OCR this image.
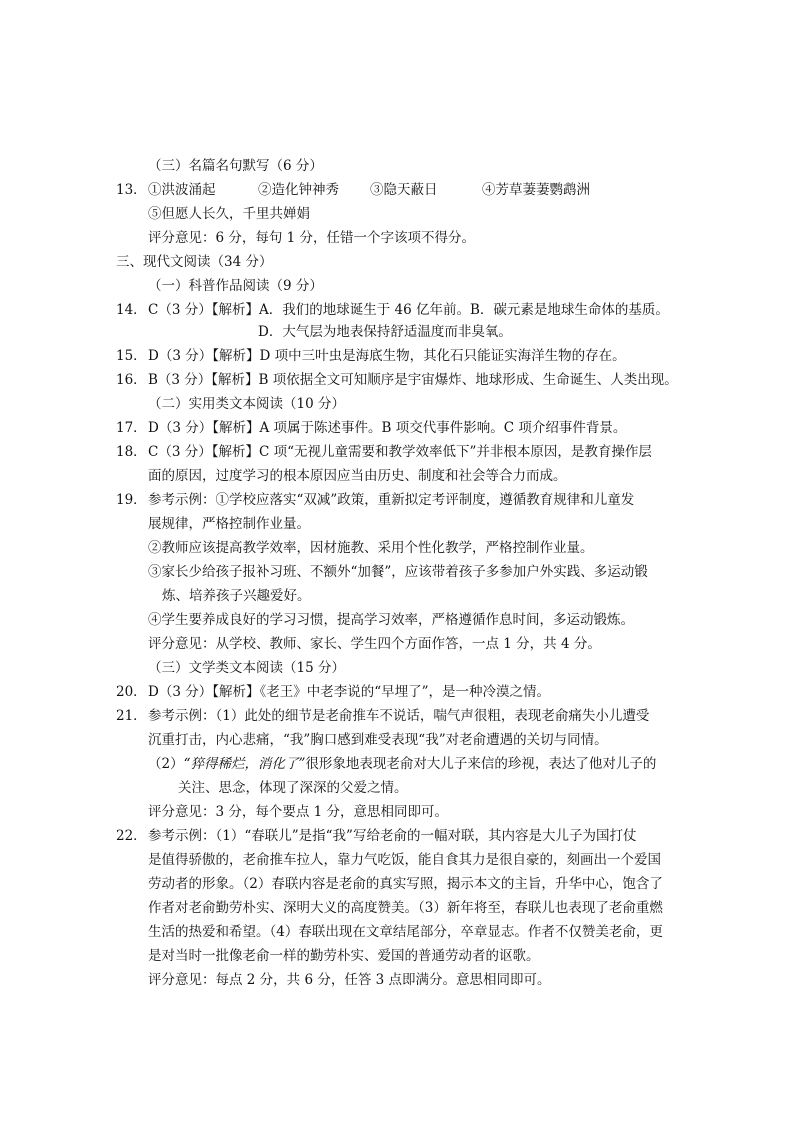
（三）名篇名句默写（6 分）
13． ①洪波涌起	②造化钟神秀 ③隐天蔽日	④芳草萋萋鹦鹉洲
⑤但愿人长久，千里共婵娟
评分意见：6 分，每句 1 分，任错一个字该项不得分。
三、现代文阅读（34 分）
（一）科普作品阅读（9 分）
14． C（3 分）【解析】A．我们的地球诞生于 46 亿年前。B．碳元素是地球生命体的基质。
D．大气层为地表保持舒适温度而非臭氧。
15． D（3 分）【解析】D 项中三叶虫是海底生物，其化石只能证实海洋生物的存在。
16． B（3 分）【解析】B 项依据全文可知顺序是宇宙爆炸、地球形成、生命诞生、人类出现。
（二）实用类文本阅读（10 分）
17． D（3 分）【解析】A 项属于陈述事件。B 项交代事件影响。C 项介绍事件背景。
18． C（3 分）【解析】C 项“无视儿童需要和教学效率低下”并非根本原因，是教育操作层
面的原因，过度学习的根本原因应当由历史、制度和社会等合力而成。
19． 参考示例：①学校应落实“双减”政策，重新拟定考评制度，遵循教育规律和儿童发
展规律，严格控制作业量。
②教师应该提高教学效率，因材施教、采用个性化教学，严格控制作业量。
③家长少给孩子报补习班、不额外“加餐”，应该带着孩子多参加户外实践、多运动锻
炼、培养孩子兴趣爱好。
④学生要养成良好的学习习惯，提高学习效率，严格遵循作息时间，多运动锻炼。
评分意见：从学校、教师、家长、学生四个方面作答，一点 1 分，共 4 分。
（三）文学类文本阅读（15 分）
20． D（3 分）【解析】《老王》中老李说的“早埋了”，是一种冷漠之情。
21． 参考示例：（1）此处的细节是老俞推车不说话，喘气声很粗，表现老俞痛失小儿遭受
沉重打击，内心悲痛，“我”胸口感到难受表现“我”对老俞遭遇的关切与同情。
（2）“猝得稀烂，消化了”很形象地表现老俞对大儿子来信的珍视，表达了他对儿子的
关注、思念，体现了深深的父爱之情。
评分意见：3 分，每个要点 1 分，意思相同即可。
22． 参考示例：（1）“春联儿”是指“我”写给老俞的一幅对联，其内容是大儿子为国打仗
是值得骄傲的，老俞推车拉人，靠力气吃饭，能自食其力是很自豪的，刻画出一个爱国
劳动者的形象。（2）春联内容是老俞的真实写照，揭示本文的主旨，升华中心，饱含了
作者对老俞勤劳朴实、深明大义的高度赞美。（3）新年将至，春联儿也表现了老俞重燃
生活的热爱和希望。（4）春联出现在文章结尾部分，卒章显志。作者不仅赞美老俞，更
是对当时一批像老俞一样的勤劳朴实、爱国的普通劳动者的讴歌。
评分意见：每点 2 分，共 6 分，任答 3 点即满分。意思相同即可。
